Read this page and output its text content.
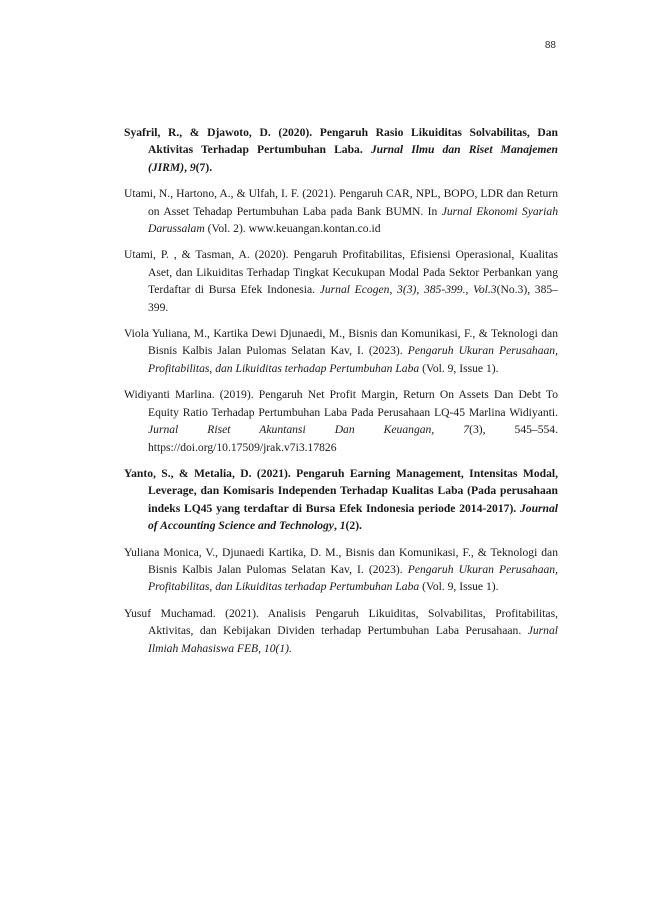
88

Syafril, R., & Djawoto, D. (2020). Pengaruh Rasio Likuiditas Solvabilitas, Dan Aktivitas Terhadap Pertumbuhan Laba. Jurnal Ilmu dan Riset Manajemen (JIRM), 9(7).

Utami, N., Hartono, A., & Ulfah, I. F. (2021). Pengaruh CAR, NPL, BOPO, LDR dan Return on Asset Tehadap Pertumbuhan Laba pada Bank BUMN. In Jurnal Ekonomi Syariah Darussalam (Vol. 2). www.keuangan.kontan.co.id

Utami, P. , & Tasman, A. (2020). Pengaruh Profitabilitas, Efisiensi Operasional, Kualitas Aset, dan Likuiditas Terhadap Tingkat Kecukupan Modal Pada Sektor Perbankan yang Terdaftar di Bursa Efek Indonesia. Jurnal Ecogen, 3(3), 385-399., Vol.3(No.3), 385–399.

Viola Yuliana, M., Kartika Dewi Djunaedi, M., Bisnis dan Komunikasi, F., & Teknologi dan Bisnis Kalbis Jalan Pulomas Selatan Kav, I. (2023). Pengaruh Ukuran Perusahaan, Profitabilitas, dan Likuiditas terhadap Pertumbuhan Laba (Vol. 9, Issue 1).

Widiyanti Marlina. (2019). Pengaruh Net Profit Margin, Return On Assets Dan Debt To Equity Ratio Terhadap Pertumbuhan Laba Pada Perusahaan LQ-45 Marlina Widiyanti. Jurnal Riset Akuntansi Dan Keuangan, 7(3), 545–554. https://doi.org/10.17509/jrak.v7i3.17826

Yanto, S., & Metalia, D. (2021). Pengaruh Earning Management, Intensitas Modal, Leverage, dan Komisaris Independen Terhadap Kualitas Laba (Pada perusahaan indeks LQ45 yang terdaftar di Bursa Efek Indonesia periode 2014-2017). Journal of Accounting Science and Technology, 1(2).

Yuliana Monica, V., Djunaedi Kartika, D. M., Bisnis dan Komunikasi, F., & Teknologi dan Bisnis Kalbis Jalan Pulomas Selatan Kav, I. (2023). Pengaruh Ukuran Perusahaan, Profitabilitas, dan Likuiditas terhadap Pertumbuhan Laba (Vol. 9, Issue 1).

Yusuf Muchamad. (2021). Analisis Pengaruh Likuiditas, Solvabilitas, Profitabilitas, Aktivitas, dan Kebijakan Dividen terhadap Pertumbuhan Laba Perusahaan. Jurnal Ilmiah Mahasiswa FEB, 10(1).
